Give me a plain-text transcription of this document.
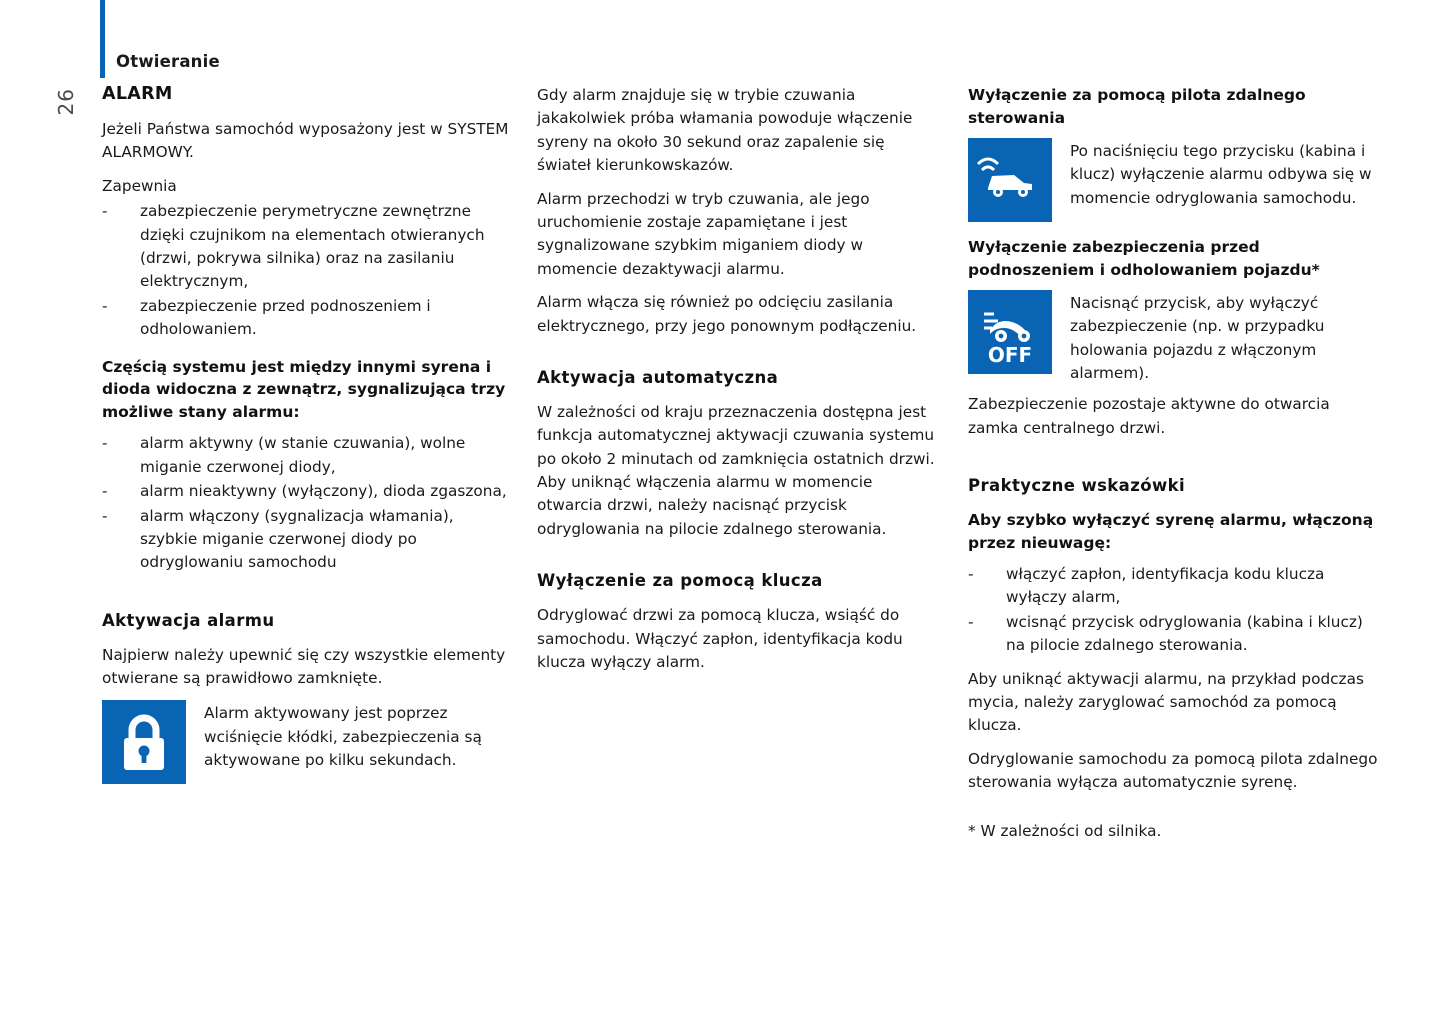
Otwieranie
26 ALARM

Jeżeli Państwa samochód wyposażony jest w SYSTEM ALARMOWY.

Zapewnia

- zabezpieczenie perymetryczne zewnętrzne dzięki czujnikom na elementach otwieranych (drzwi, pokrywa silnika) oraz na zasilaniu elektrycznym,
- zabezpieczenie przed podnoszeniem i odholowaniem.
Częścią systemu jest między innymi syrena i dioda widoczna z zewnątrz, sygnalizująca trzy możliwe stany alarmu:
- alarm aktywny (w stanie czuwania), wolne miganie czerwonej diody,
- alarm nieaktywny (wyłączony), dioda zgaszona,
- alarm włączony (sygnalizacja włamania), szybkie miganie czerwonej diody po odryglowaniu samochodu
Aktywacja alarmu

Najpierw należy upewnić się czy wszystkie elementy otwierane są prawidłowo zamknięte.

Alarm aktywowany jest poprzez wciśnięcie kłódki, zabezpieczenia są aktywowane po kilku sekundach.

Gdy alarm znajduje się w trybie czuwania jakakolwiek próba włamania powoduje włączenie syreny na około 30 sekund oraz zapalenie się świateł kierunkowskazów.

Alarm przechodzi w tryb czuwania, ale jego uruchomienie zostaje zapamiętane i jest sygnalizowane szybkim miganiem diody w momencie dezaktywacji alarmu.

Alarm włącza się również po odcięciu zasilania elektrycznego, przy jego ponownym podłączeniu.

Aktywacja automatyczna

W zależności od kraju przeznaczenia dostępna jest funkcja automatycznej aktywacji czuwania systemu po około 2 minutach od zamknięcia ostatnich drzwi. Aby uniknąć włączenia alarmu w momencie otwarcia drzwi, należy nacisnąć przycisk odryglowania na pilocie zdalnego sterowania.

Wyłączenie za pomocą klucza

Odryglować drzwi za pomocą klucza, wsiąść do samochodu. Włączyć zapłon, identyfikacja kodu klucza wyłączy alarm.

Wyłączenie za pomocą pilota zdalnego sterowania
Po naciśnięciu tego przycisku (kabina i klucz) wyłączenie alarmu odbywa się w momencie odryglowania samochodu.
Wyłączenie zabezpieczenia przed podnoszeniem i odholowaniem pojazdu*
OFF
Nacisnąć przycisk, aby wyłączyć zabezpieczenie (np. w przypadku holowania pojazdu z włączonym alarmem).

Zabezpieczenie pozostaje aktywne do otwarcia zamka centralnego drzwi.

Praktyczne wskazówki
Aby szybko wyłączyć syrenę alarmu, włączoną przez nieuwagę:
- włączyć zapłon, identyfikacja kodu klucza wyłączy alarm,
- wcisnąć przycisk odryglowania (kabina i klucz) na pilocie zdalnego sterowania.

Aby uniknąć aktywacji alarmu, na przykład podczas mycia, należy zaryglować samochód za pomocą klucza.

Odryglowanie samochodu za pomocą pilota zdalnego sterowania wyłącza automatycznie syrenę.

* W zależności od silnika.
